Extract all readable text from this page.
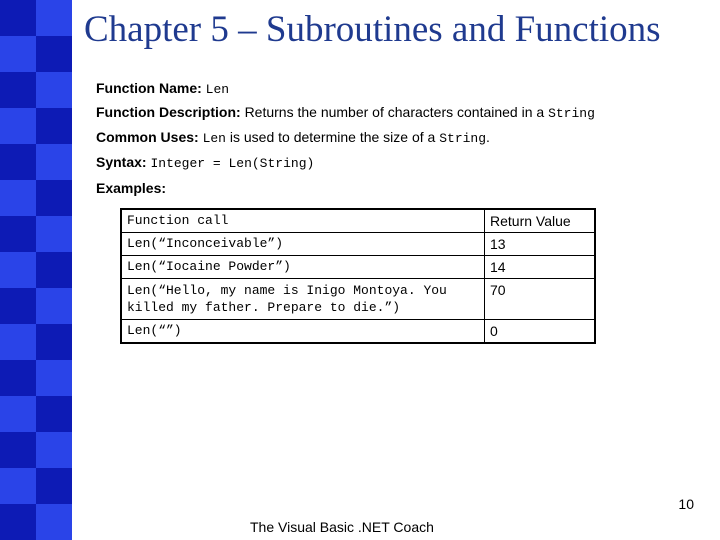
Chapter 5 – Subroutines and Functions
Function Name: Len
Function Description: Returns the number of characters contained in a String
Common Uses: Len is used to determine the size of a String.
Syntax: Integer = Len(String)
Examples:
Function call	Return Value
Len(“Inconceivable”)	13
Len(“Iocaine Powder”)	14
Len(“Hello, my name is Inigo Montoya. You killed my father. Prepare to die.”)	70
Len(“”)	0
10
The Visual Basic .NET Coach
